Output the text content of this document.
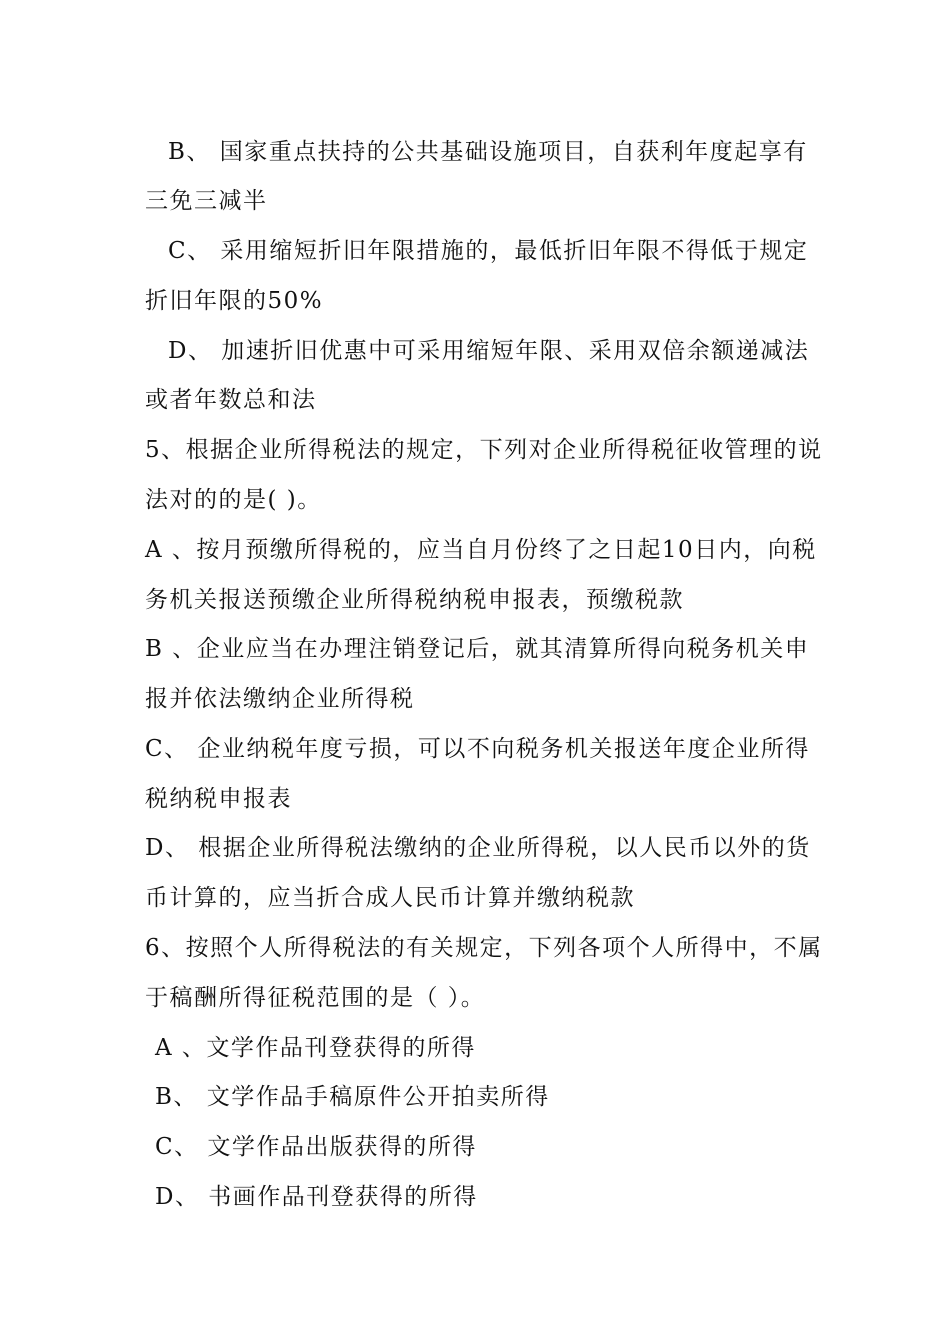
B、 国家重点扶持的公共基础设施项目，自获利年度起享有
三免三减半
C、 采用缩短折旧年限措施的，最低折旧年限不得低于规定
折旧年限的50%
D、 加速折旧优惠中可采用缩短年限、采用双倍余额递减法
或者年数总和法
5、根据企业所得税法的规定，下列对企业所得税征收管理的说
法对的的是( )。
A 、按月预缴所得税的，应当自月份终了之日起10日内，向税
务机关报送预缴企业所得税纳税申报表，预缴税款
B 、企业应当在办理注销登记后，就其清算所得向税务机关申
报并依法缴纳企业所得税
C、 企业纳税年度亏损，可以不向税务机关报送年度企业所得
税纳税申报表
D、 根据企业所得税法缴纳的企业所得税，以人民币以外的货
币计算的，应当折合成人民币计算并缴纳税款
6、按照个人所得税法的有关规定，下列各项个人所得中，不属
于稿酬所得征税范围的是（ ）。
A 、文学作品刊登获得的所得
B、 文学作品手稿原件公开拍卖所得
C、 文学作品出版获得的所得
D、 书画作品刊登获得的所得
